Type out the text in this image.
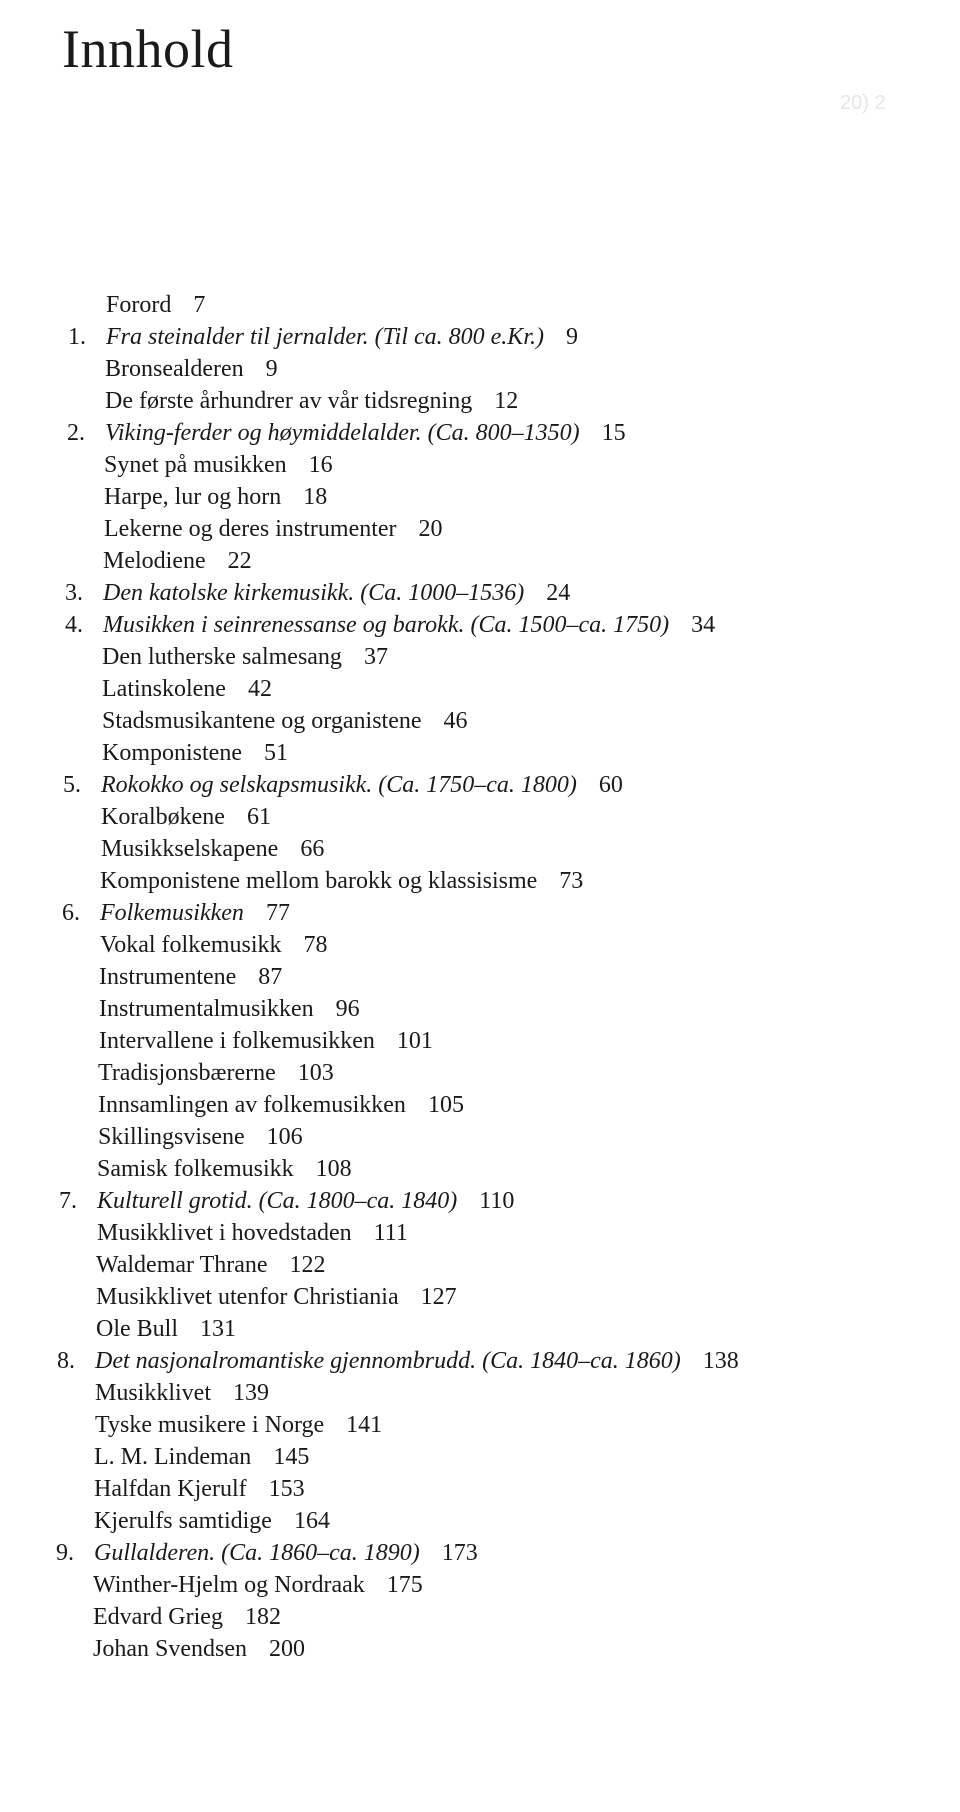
Innhold
20) 2
Forord 7
1. Fra steinalder til jernalder. (Til ca. 800 e.Kr.) 9
Bronsealderen 9
De første århundrer av vår tidsregning 12
2. Viking-ferder og høymiddelalder. (Ca. 800–1350) 15
Synet på musikken 16
Harpe, lur og horn 18
Lekerne og deres instrumenter 20
Melodiene 22
3. Den katolske kirkemusikk. (Ca. 1000–1536) 24
4. Musikken i seinrenessanse og barokk. (Ca. 1500–ca. 1750) 34
Den lutherske salmesang 37
Latinskolene 42
Stadsmusikantene og organistene 46
Komponistene 51
5. Rokokko og selskapsmusikk. (Ca. 1750–ca. 1800) 60
Koralbøkene 61
Musikkselskapene 66
Komponistene mellom barokk og klassisisme 73
6. Folkemusikken 77
Vokal folkemusikk 78
Instrumentene 87
Instrumentalmusikken 96
Intervallene i folkemusikken 101
Tradisjonsbærerne 103
Innsamlingen av folkemusikken 105
Skillingsvisene 106
Samisk folkemusikk 108
7. Kulturell grotid. (Ca. 1800–ca. 1840) 110
Musikklivet i hovedstaden 111
Waldemar Thrane 122
Musikklivet utenfor Christiania 127
Ole Bull 131
8. Det nasjonalromantiske gjennombrudd. (Ca. 1840–ca. 1860) 138
Musikklivet 139
Tyske musikere i Norge 141
L. M. Lindeman 145
Halfdan Kjerulf 153
Kjerulfs samtidige 164
9. Gullalderen. (Ca. 1860–ca. 1890) 173
Winther-Hjelm og Nordraak 175
Edvard Grieg 182
Johan Svendsen 200
